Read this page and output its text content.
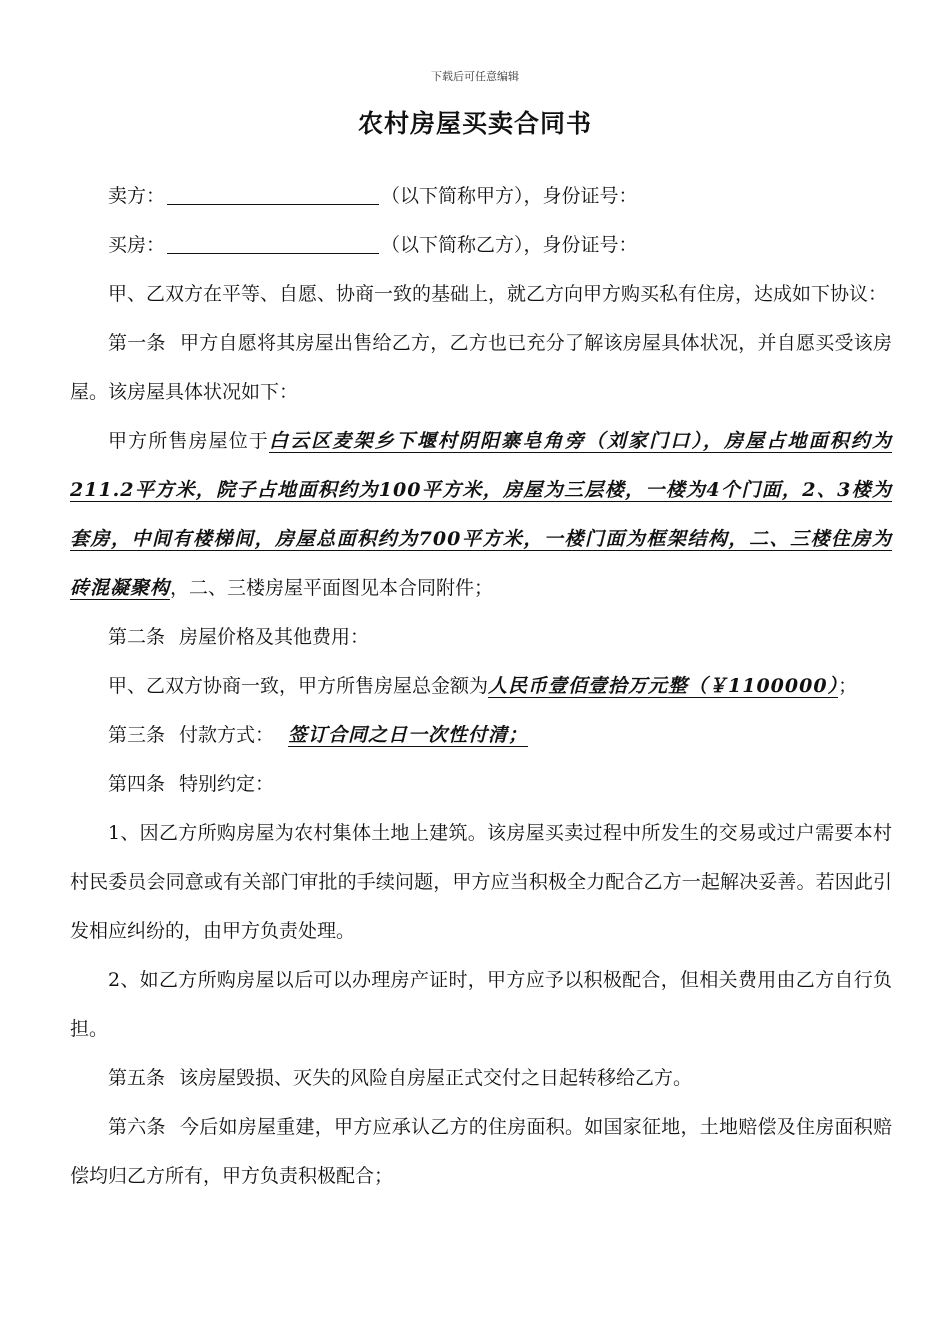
下载后可任意编辑
农村房屋买卖合同书

卖方：	（以下简称甲方），身份证号：

买房：	（以下简称乙方），身份证号：

甲、乙双方在平等、自愿、协商一致的基础上，就乙方向甲方购买私有住房，达成如下协议：

第一条 甲方自愿将其房屋出售给乙方，乙方也已充分了解该房屋具体状况，并自愿买受该房屋。该房屋具体状况如下：

甲方所售房屋位于白云区麦架乡下堰村阴阳寨皂角旁（刘家门口），房屋占地面积约为211.2平方米，院子占地面积约为100平方米，房屋为三层楼，一楼为4个门面，2、3楼为套房，中间有楼梯间，房屋总面积约为700平方米，一楼门面为框架结构，二、三楼住房为砖混凝聚构，二、三楼房屋平面图见本合同附件；

第二条 房屋价格及其他费用：

甲、乙双方协商一致，甲方所售房屋总金额为人民币壹佰壹拾万元整（￥1100000）；

第三条 付款方式： 签订合同之日一次性付清；

第四条 特别约定：

1、因乙方所购房屋为农村集体土地上建筑。该房屋买卖过程中所发生的交易或过户需要本村村民委员会同意或有关部门审批的手续问题，甲方应当积极全力配合乙方一起解决妥善。若因此引发相应纠纷的，由甲方负责处理。

2、如乙方所购房屋以后可以办理房产证时，甲方应予以积极配合，但相关费用由乙方自行负担。

第五条 该房屋毁损、灭失的风险自房屋正式交付之日起转移给乙方。

第六条 今后如房屋重建，甲方应承认乙方的住房面积。如国家征地，土地赔偿及住房面积赔偿均归乙方所有，甲方负责积极配合；
